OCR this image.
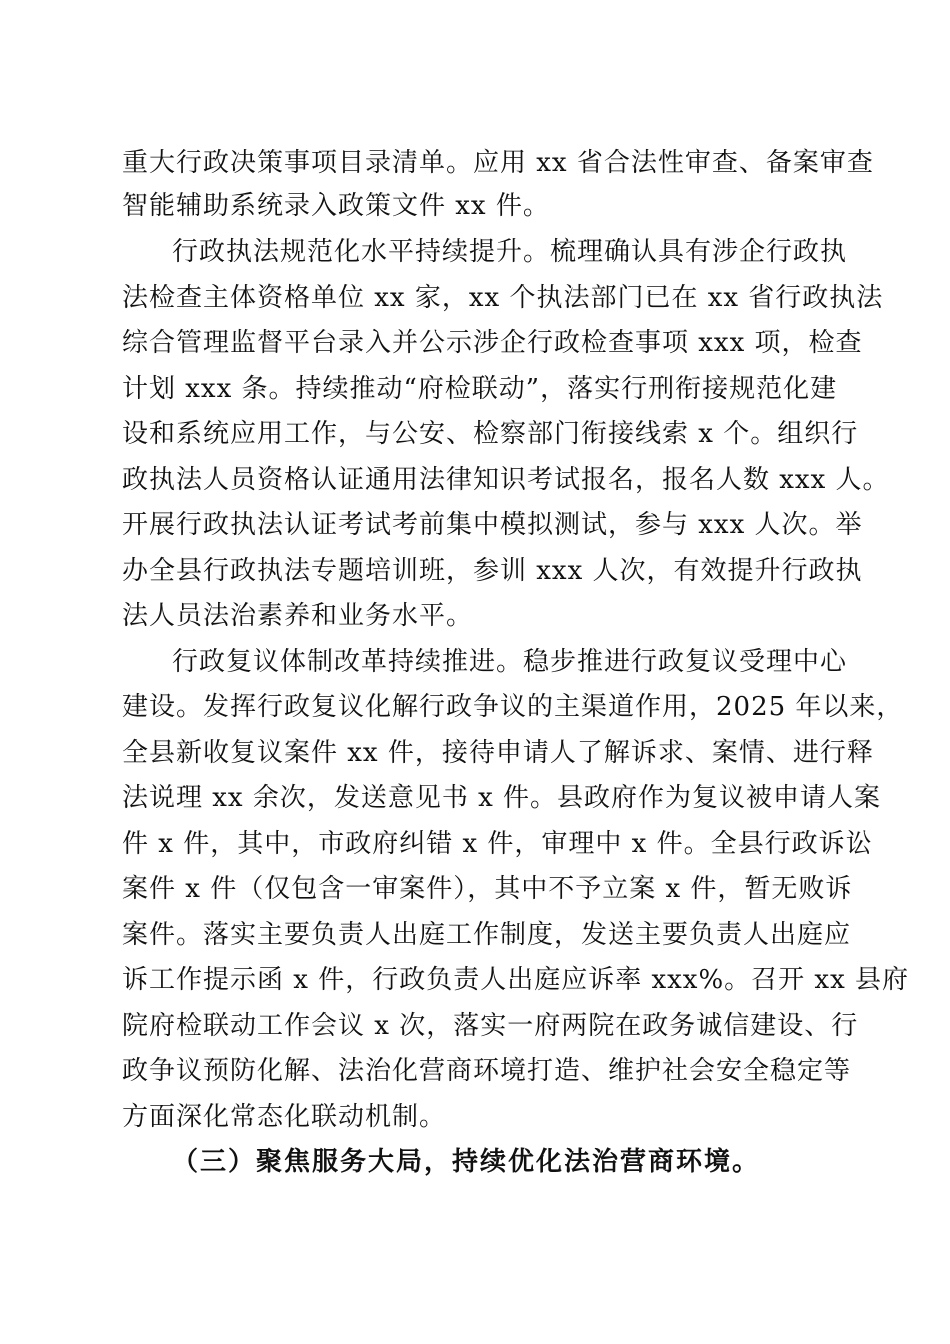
重大行政决策事项目录清单。应用 xx 省合法性审查、备案审查
智能辅助系统录入政策文件 xx 件。
行政执法规范化水平持续提升。梳理确认具有涉企行政执
法检查主体资格单位 xx 家，xx 个执法部门已在 xx 省行政执法
综合管理监督平台录入并公示涉企行政检查事项 xxx 项，检查
计划 xxx 条。持续推动“府检联动”，落实行刑衔接规范化建
设和系统应用工作，与公安、检察部门衔接线索 x 个。组织行
政执法人员资格认证通用法律知识考试报名，报名人数 xxx 人。
开展行政执法认证考试考前集中模拟测试，参与 xxx 人次。举
办全县行政执法专题培训班，参训 xxx 人次，有效提升行政执
法人员法治素养和业务水平。
行政复议体制改革持续推进。稳步推进行政复议受理中心
建设。发挥行政复议化解行政争议的主渠道作用，2025 年以来，
全县新收复议案件 xx 件，接待申请人了解诉求、案情、进行释
法说理 xx 余次，发送意见书 x 件。县政府作为复议被申请人案
件 x 件，其中，市政府纠错 x 件，审理中 x 件。全县行政诉讼
案件 x 件（仅包含一审案件），其中不予立案 x 件，暂无败诉
案件。落实主要负责人出庭工作制度，发送主要负责人出庭应
诉工作提示函 x 件，行政负责人出庭应诉率 xxx%。召开 xx 县府
院府检联动工作会议 x 次，落实一府两院在政务诚信建设、行
政争议预防化解、法治化营商环境打造、维护社会安全稳定等
方面深化常态化联动机制。
（三）聚焦服务大局，持续优化法治营商环境。
